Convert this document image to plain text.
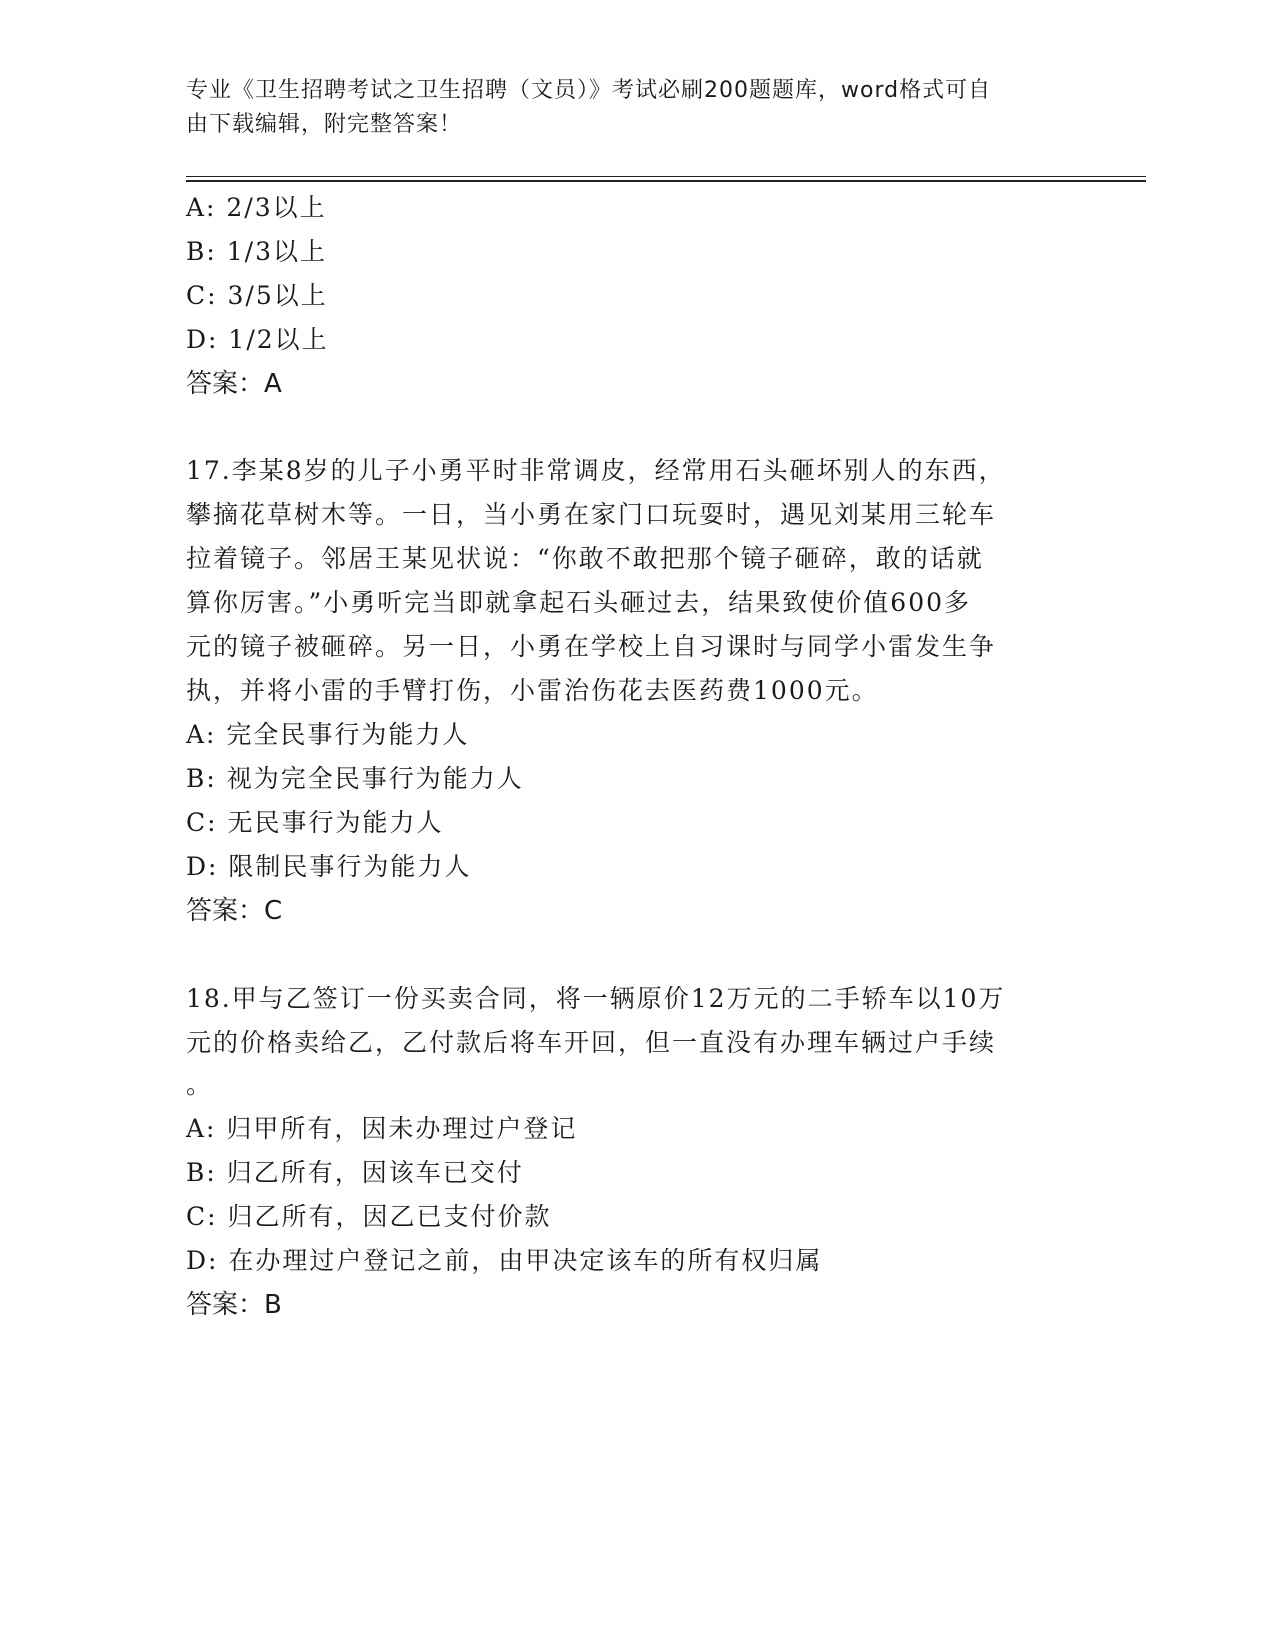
专业《卫生招聘考试之卫生招聘（文员）》考试必刷200题题库，word格式可自
由下载编辑，附完整答案！
A: 2/3以上
B: 1/3以上
C: 3/5以上
D: 1/2以上
答案：A
17.李某8岁的儿子小勇平时非常调皮，经常用石头砸坏别人的东西，
攀摘花草树木等。一日，当小勇在家门口玩耍时，遇见刘某用三轮车
拉着镜子。邻居王某见状说：“你敢不敢把那个镜子砸碎，敢的话就
算你厉害。”小勇听完当即就拿起石头砸过去，结果致使价值600多
元的镜子被砸碎。另一日，小勇在学校上自习课时与同学小雷发生争
执，并将小雷的手臂打伤，小雷治伤花去医药费1000元。
A: 完全民事行为能力人
B: 视为完全民事行为能力人
C: 无民事行为能力人
D: 限制民事行为能力人
答案：C
18.甲与乙签订一份买卖合同，将一辆原价12万元的二手轿车以10万
元的价格卖给乙，乙付款后将车开回，但一直没有办理车辆过户手续
。
A: 归甲所有，因未办理过户登记
B: 归乙所有，因该车已交付
C: 归乙所有，因乙已支付价款
D: 在办理过户登记之前，由甲决定该车的所有权归属
答案：B
